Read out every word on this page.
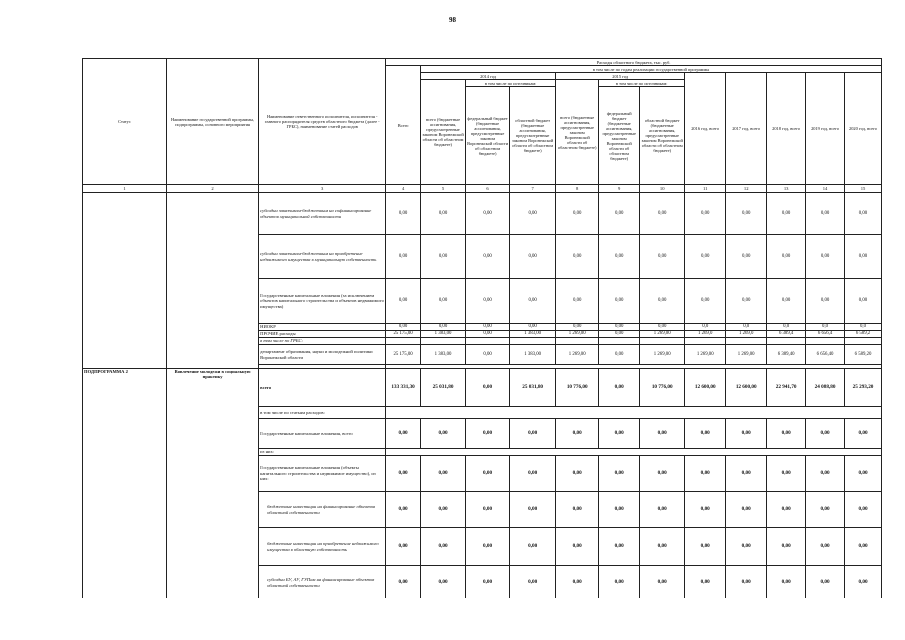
98
Статус	Наименование государственной программы, подпрограммы, основного мероприятия	Наименование ответственного исполнителя, исполнителя - главного распорядителя средств областного бюджета (далее - ГРБС), наименование статей расходов	Расходы областного бюджета, тыс. руб.											
			Всего	в том числе по годам реализации государственной программы										
				2014 год			2015 год			2016 год, всего	2017 год, всего	2018 год, всего	2019 год, всего	2020 год, всего
				всего (бюджетные ассигнования, предусмотренные законом Воронежской области об областном бюджете)	в том числе по источникам:		всего (бюджетные ассигнования, предусмотренные законом Воронежской области об областном бюджете)	в том числе по источникам:						
					федеральный бюджет (бюджетные ассигнования, предусмотренные законом Воронежской области об областном бюджете)	областной бюджет (бюджетные ассигнования, предусмотренные законом Воронежской области об областном бюджете)		федеральный бюджет (бюджетные ассигнования, предусмотренные законом Воронежской области об областном бюджете)	областной бюджет (бюджетные ассигнования, предусмотренные законом Воронежской области об областном бюджете)					
1	2	3	4	5	6	7	8	9	10	11	12	13	14	15
		субсидии заказчикам-бюджетным на софинансирование объектов муниципальной собственности	0,00	0,00	0,00	0,00	0,00	0,00	0,00	0,00	0,00	0,00	0,00	0,00
		субсидии заказчикам-бюджетным на приобретение недвижимого имущества в муниципальную собственность	0,00	0,00	0,00	0,00	0,00	0,00	0,00	0,00	0,00	0,00	0,00	0,00
		Государственные капитальные вложения (за исключением объектов капитального строительства и объектов недвижимого имущества)	0,00	0,00	0,00	0,00	0,00	0,00	0,00	0,00	0,00	0,00	0,00	0,00
		НИОКР	0,00	0,00	0,00	0,00	0,00	0,00	0,00	0,0	0,0	0,0	0,0	0,0
		ПРОЧИЕ расходы	25 175,00	1 383,00	0,00	1 383,00	1 269,00	0,00	1 269,00	1 269,0	1 269,0	6 389,4	6 656,4	6 589,2
		в том числе по ГРБС:												
		департамент образования, науки и молодежной политики Воронежской области	25 175,00	1 383,00	0,00	1 383,00	1 269,00	0,00	1 269,00	1 269,00	1 269,00	6 389,40	6 656,40	6 589,20

ПОДПРОГРАММА 2	Вовлечение молодежи в социальную практику	всего	133 331,30	25 031,80	0,00	25 031,80	10 776,00	0,00	10 776,00	12 600,00	12 600,00	22 941,70	24 088,80	25 293,20
		в том числе по статьям расходов:												
		Государственные капитальные вложения, всего	0,00	0,00	0,00	0,00	0,00	0,00	0,00	0,00	0,00	0,00	0,00	0,00
		из них:												
		Государственные капитальные вложения (объекты капитального строительства и недвижимое имущество), из них:	0,00	0,00	0,00	0,00	0,00	0,00	0,00	0,00	0,00	0,00	0,00	0,00
		бюджетные инвестиции на финансирование объектов областной собственности	0,00	0,00	0,00	0,00	0,00	0,00	0,00	0,00	0,00	0,00	0,00	0,00
		бюджетные инвестиции на приобретение недвижимого имущества в областную собственность	0,00	0,00	0,00	0,00	0,00	0,00	0,00	0,00	0,00	0,00	0,00	0,00
		субсидии БУ, АУ, ГУПам на финансирование объектов областной собственности	0,00	0,00	0,00	0,00	0,00	0,00	0,00	0,00	0,00	0,00	0,00	0,00
